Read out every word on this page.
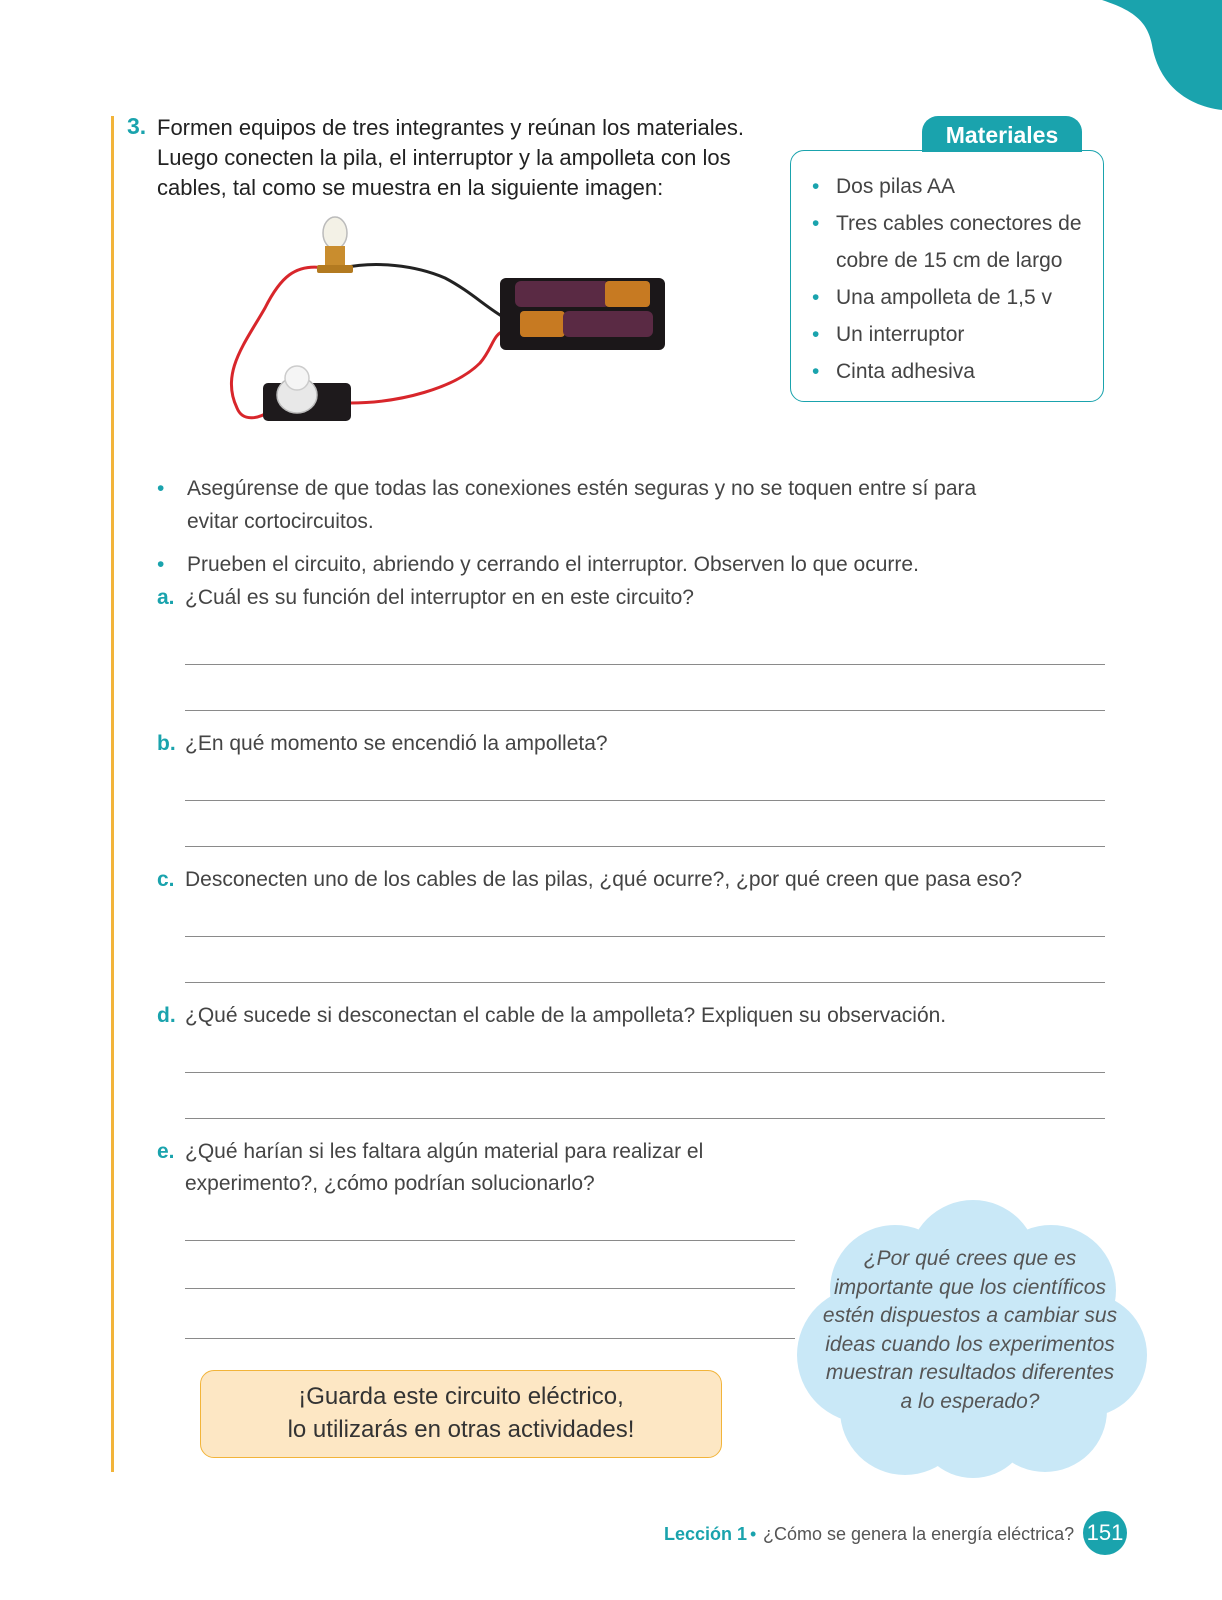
3. Formen equipos de tres integrantes y reúnan los materiales. Luego conecten la pila, el interruptor y la ampolleta con los cables, tal como se muestra en la siguiente imagen:
Materiales
• Dos pilas AA
• Tres cables conectores de cobre de 15 cm de largo
• Una ampolleta de 1,5 v
• Un interruptor
• Cinta adhesiva
• Asegúrense de que todas las conexiones estén seguras y no se toquen entre sí para evitar cortocircuitos.
• Prueben el circuito, abriendo y cerrando el interruptor. Observen lo que ocurre.
a. ¿Cuál es su función del interruptor en en este circuito?
b. ¿En qué momento se encendió la ampolleta?
c. Desconecten uno de los cables de las pilas, ¿qué ocurre?, ¿por qué creen que pasa eso?
d. ¿Qué sucede si desconectan el cable de la ampolleta? Expliquen su observación.
e. ¿Qué harían si les faltara algún material para realizar el experimento?, ¿cómo podrían solucionarlo?
¡Guarda este circuito eléctrico,
lo utilizarás en otras actividades!
¿Por qué crees que es importante que los científicos estén dispuestos a cambiar sus ideas cuando los experimentos muestran resultados diferentes a lo esperado?
Lección 1 • ¿Cómo se genera la energía eléctrica? 151
